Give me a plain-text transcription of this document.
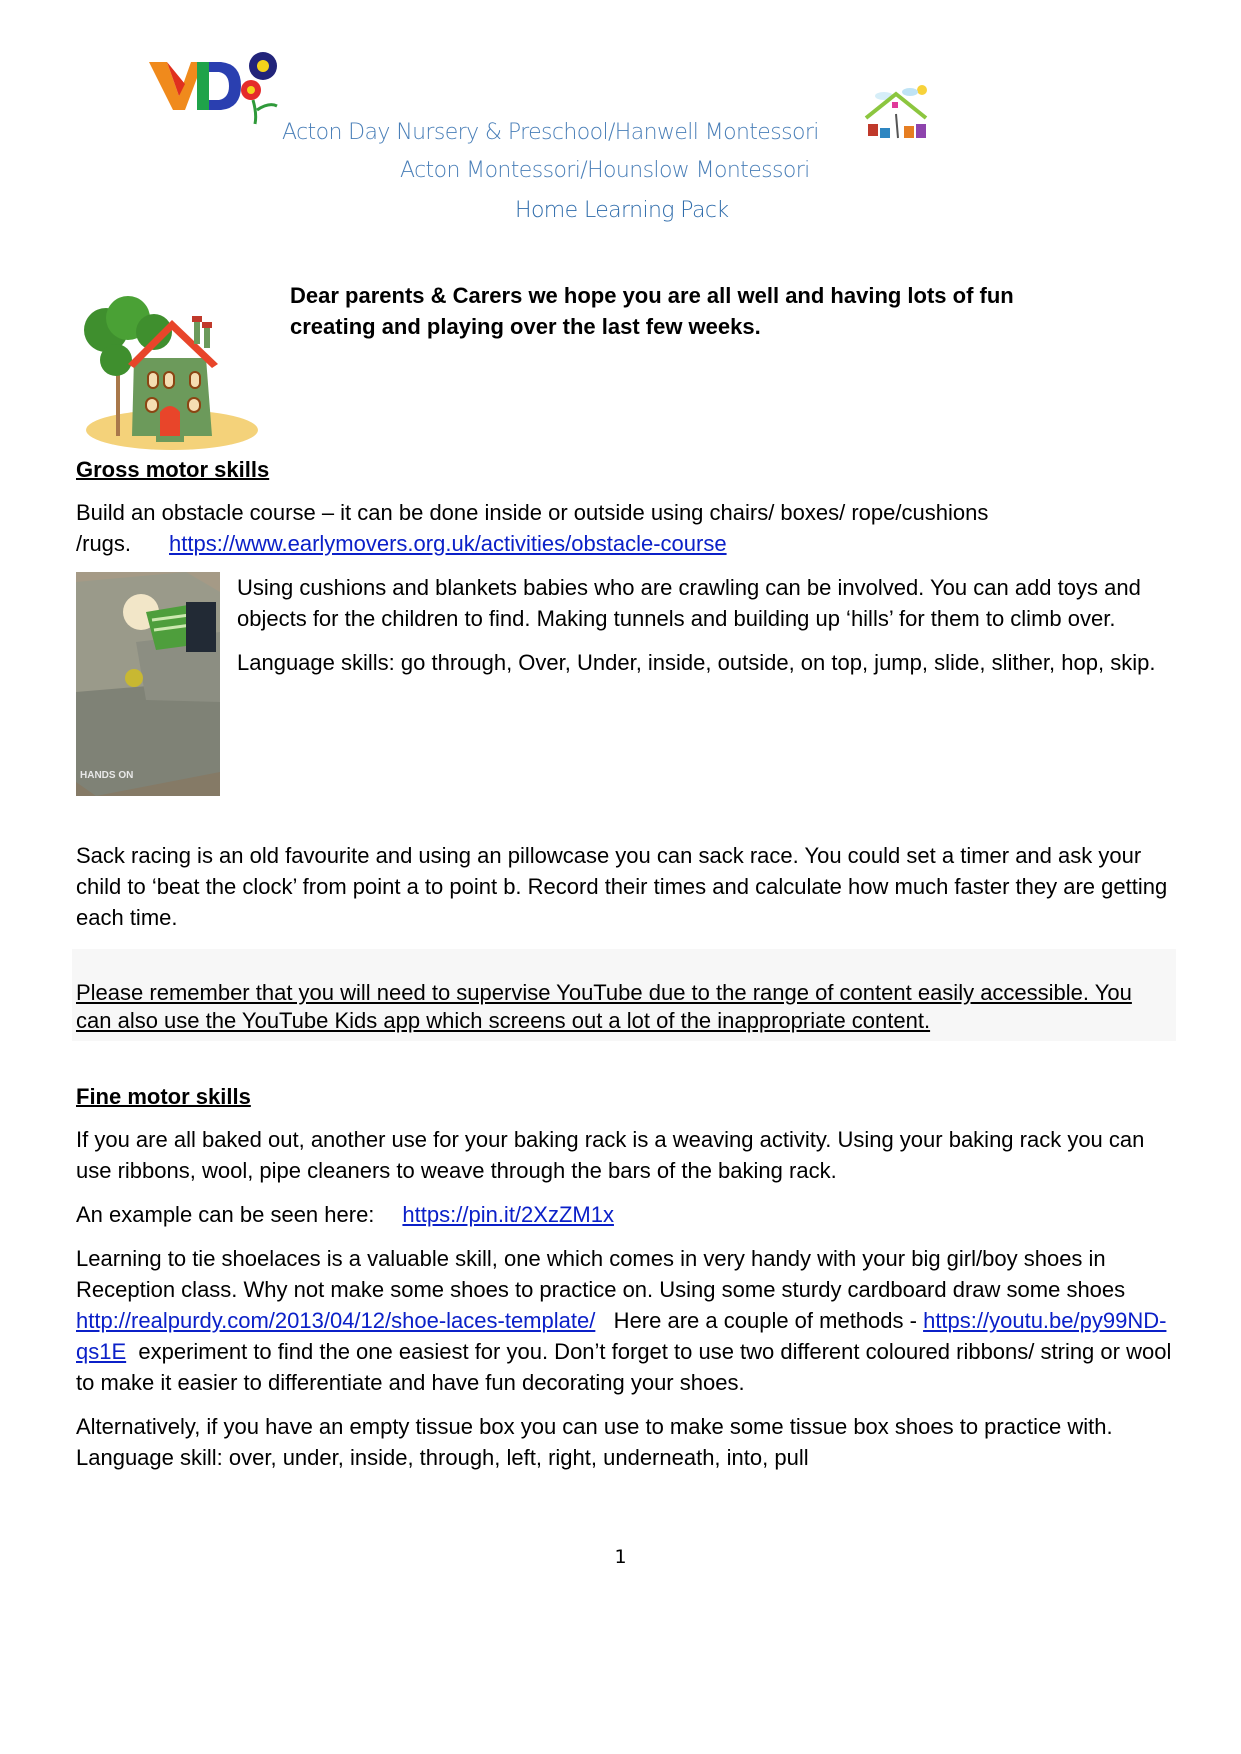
Acton Day Nursery & Preschool/Hanwell Montessori
Acton Montessori/Hounslow Montessori
Home Learning Pack
Dear parents & Carers we hope you are all well and having lots of fun
creating and playing over the last few weeks.
Gross motor skills
Build an obstacle course – it can be done inside or outside using chairs/ boxes/ rope/cushions
/rugs. https://www.earlymovers.org.uk/activities/obstacle-course
HANDS ON
Using cushions and blankets babies who are crawling can be involved. You can add toys and objects for the children to find. Making tunnels and building up ‘hills’ for them to climb over.
Language skills: go through, Over, Under, inside, outside, on top, jump, slide, slither, hop, skip.
Sack racing is an old favourite and using an pillowcase you can sack race. You could set a timer and ask your child to ‘beat the clock’ from point a to point b. Record their times and calculate how much faster they are getting each time.
Please remember that you will need to supervise YouTube due to the range of content easily accessible. You can also use the YouTube Kids app which screens out a lot of the inappropriate content.
Fine motor skills
If you are all baked out, another use for your baking rack is a weaving activity. Using your baking rack you can use ribbons, wool, pipe cleaners to weave through the bars of the baking rack.
An example can be seen here: https://pin.it/2XzZM1x
Learning to tie shoelaces is a valuable skill, one which comes in very handy with your big girl/boy shoes in Reception class. Why not make some shoes to practice on. Using some sturdy cardboard draw some shoes http://realpurdy.com/2013/04/12/shoe-laces-template/   Here are a couple of methods - https://youtu.be/py99ND-qs1E  experiment to find the one easiest for you. Don’t forget to use two different coloured ribbons/ string or wool to make it easier to differentiate and have fun decorating your shoes.
Alternatively, if you have an empty tissue box you can use to make some tissue box shoes to practice with. Language skill: over, under, inside, through, left, right, underneath, into, pull
1
